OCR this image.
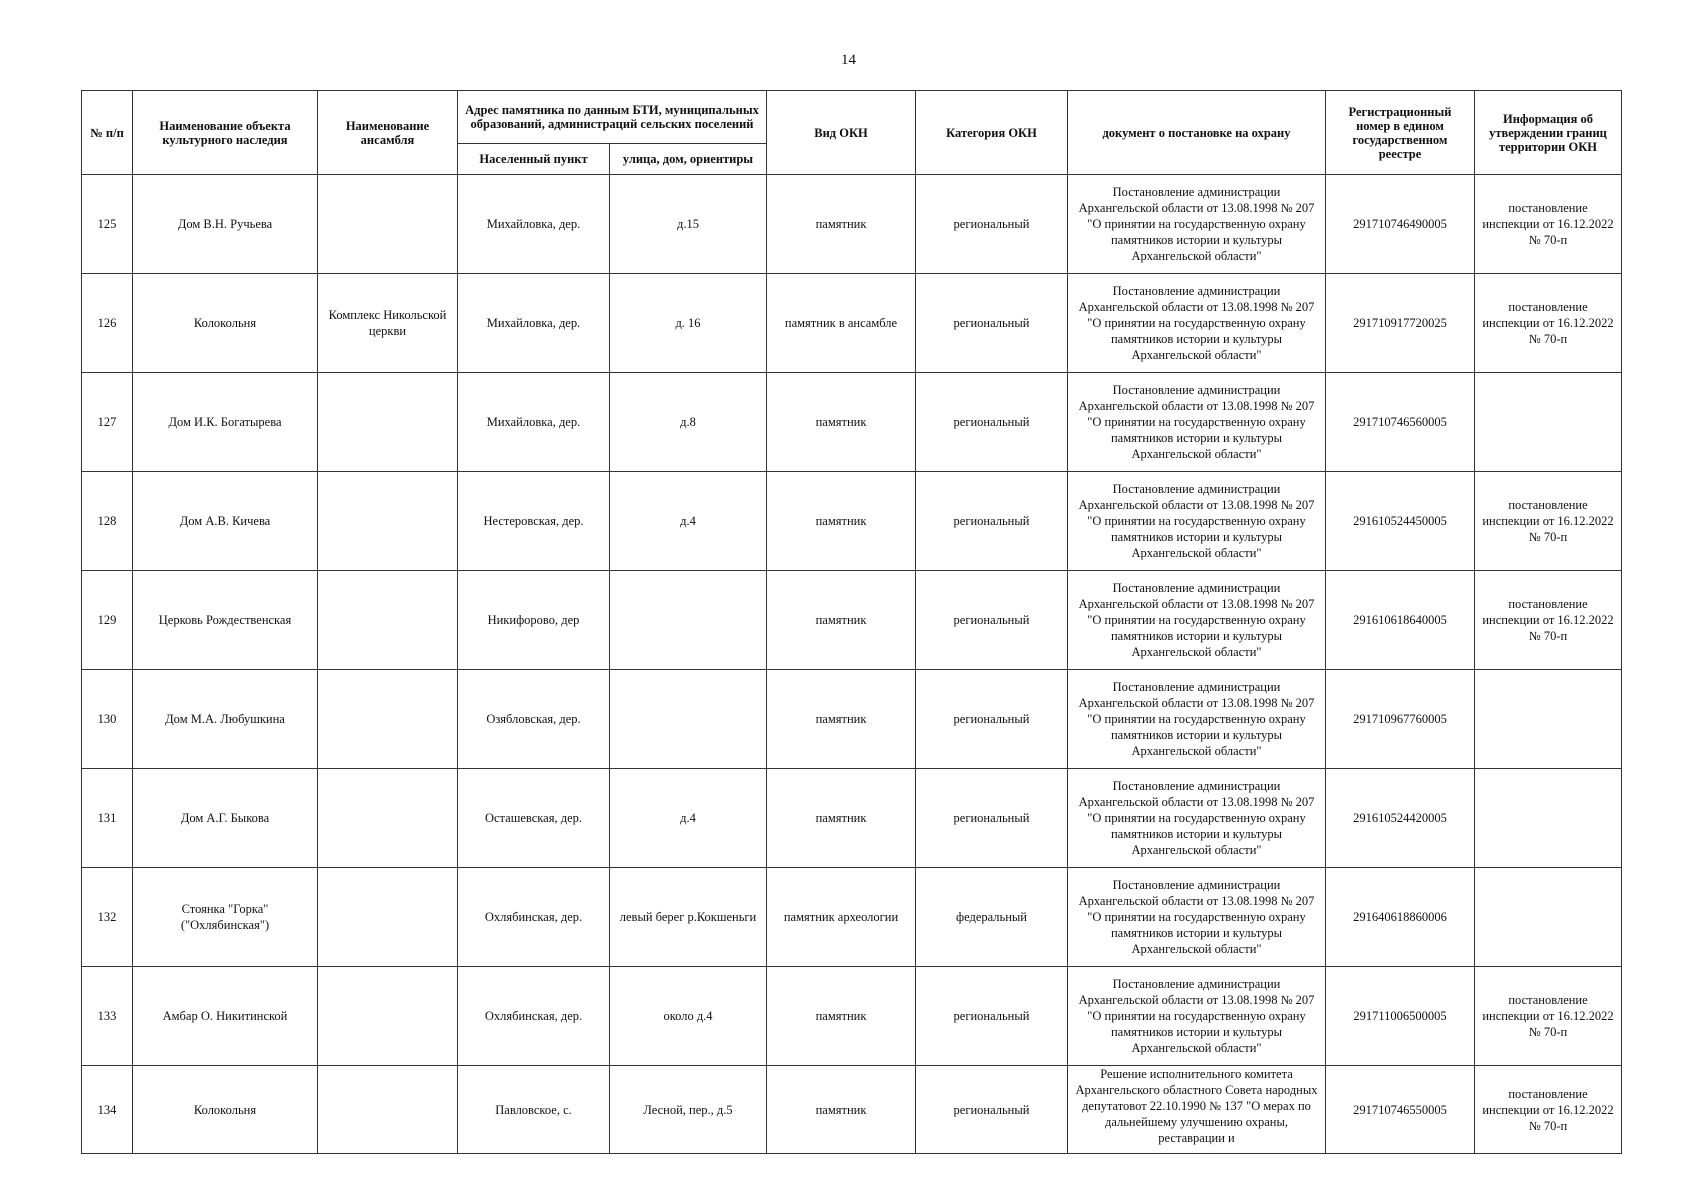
14
№ п/п	Наименование объекта культурного наследия	Наименование ансамбля	Адрес памятника по данным БТИ, муниципальных образований, администраций сельских поселений		Вид ОКН	Категория ОКН	документ о постановке на охрану	Регистрационный номер в едином государственном реестре	Информация об утверждении границ территории ОКН
			Населенный пункт	улица, дом, ориентиры					
125	Дом В.Н. Ручьева		Михайловка, дер.	д.15	памятник	региональный	Постановление администрации Архангельской области от 13.08.1998 № 207 "О принятии на государственную охрану памятников истории и культуры Архангельской области"	291710746490005	постановление инспекции от 16.12.2022 № 70-п
126	Колокольня	Комплекс Никольской церкви	Михайловка, дер.	д. 16	памятник в ансамбле	региональный	Постановление администрации Архангельской области от 13.08.1998 № 207 "О принятии на государственную охрану памятников истории и культуры Архангельской области"	291710917720025	постановление инспекции от 16.12.2022 № 70-п
127	Дом И.К. Богатырева		Михайловка, дер.	д.8	памятник	региональный	Постановление администрации Архангельской области от 13.08.1998 № 207 "О принятии на государственную охрану памятников истории и культуры Архангельской области"	291710746560005	
128	Дом А.В. Кичева		Нестеровская, дер.	д.4	памятник	региональный	Постановление администрации Архангельской области от 13.08.1998 № 207 "О принятии на государственную охрану памятников истории и культуры Архангельской области"	291610524450005	постановление инспекции от 16.12.2022 № 70-п
129	Церковь Рождественская		Никифорово, дер		памятник	региональный	Постановление администрации Архангельской области от 13.08.1998 № 207 "О принятии на государственную охрану памятников истории и культуры Архангельской области"	291610618640005	постановление инспекции от 16.12.2022 № 70-п
130	Дом М.А. Любушкина		Озябловская, дер.		памятник	региональный	Постановление администрации Архангельской области от 13.08.1998 № 207 "О принятии на государственную охрану памятников истории и культуры Архангельской области"	291710967760005	
131	Дом А.Г. Быкова		Осташевская, дер.	д.4	памятник	региональный	Постановление администрации Архангельской области от 13.08.1998 № 207 "О принятии на государственную охрану памятников истории и культуры Архангельской области"	291610524420005	
132	Стоянка "Горка" ("Охлябинская")		Охлябинская, дер.	левый берег р.Кокшеньги	памятник археологии	федеральный	Постановление администрации Архангельской области от 13.08.1998 № 207 "О принятии на государственную охрану памятников истории и культуры Архангельской области"	291640618860006	
133	Амбар О. Никитинской		Охлябинская, дер.	около д.4	памятник	региональный	Постановление администрации Архангельской области от 13.08.1998 № 207 "О принятии на государственную охрану памятников истории и культуры Архангельской области"	291711006500005	постановление инспекции от 16.12.2022 № 70-п
134	Колокольня		Павловское, с.	Лесной, пер., д.5	памятник	региональный	Решение исполнительного комитета Архангельского областного Совета народных депутатовот 22.10.1990 № 137 "О мерах по дальнейшему улучшению охраны, реставрации и	291710746550005	постановление инспекции от 16.12.2022 № 70-п
